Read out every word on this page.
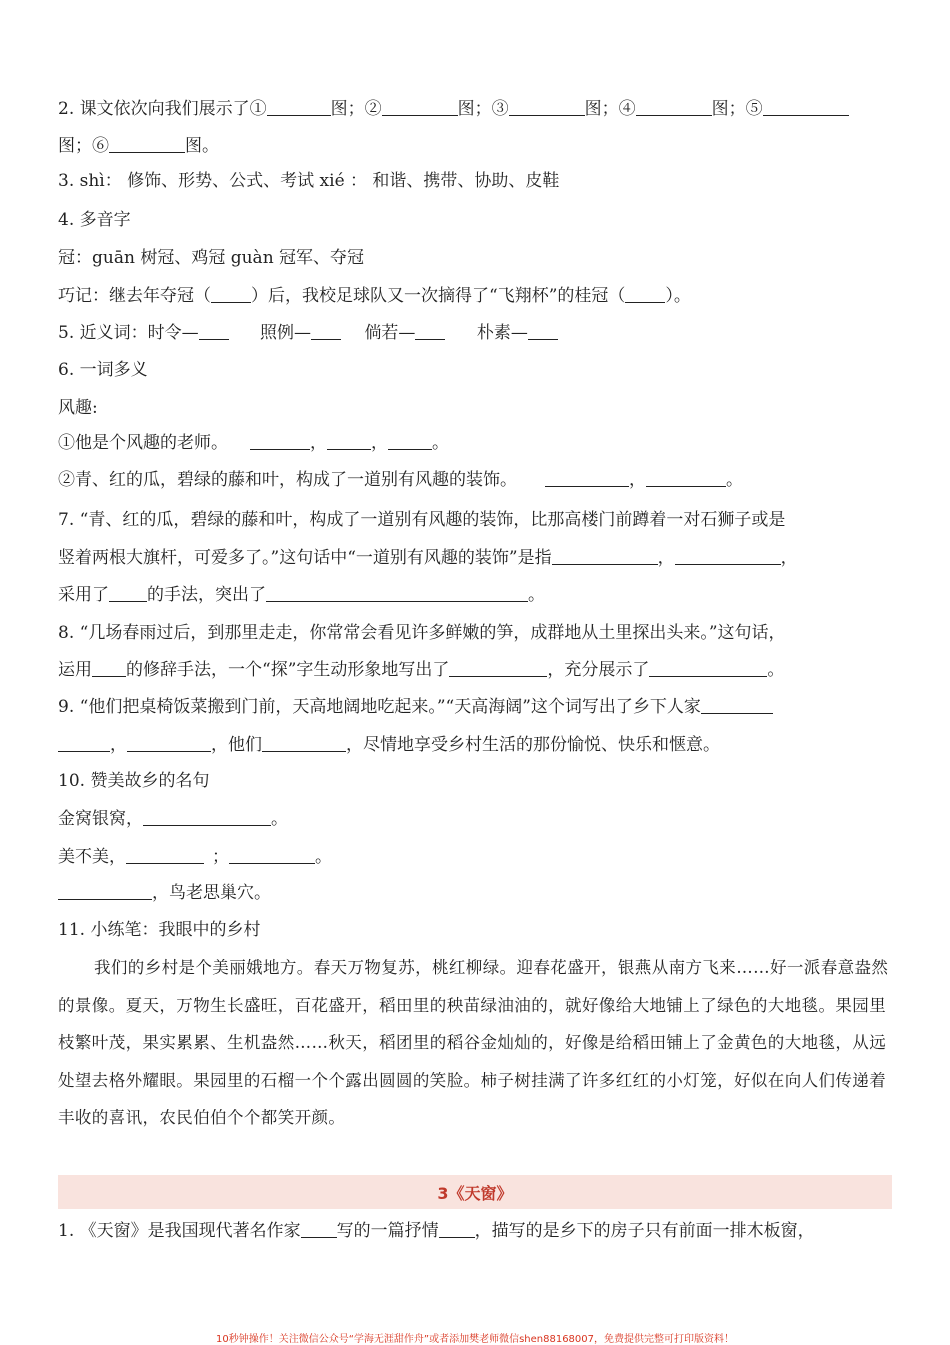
2. 课文依次向我们展示了①	图；②	图；③	图；④	图；⑤
图；⑥	图。
3. shì： 修饰、形势、公式、考试 xié ： 和谐、携带、协助、皮鞋
4. 多音字
冠：guān 树冠、鸡冠 guàn 冠军、夺冠
巧记：继去年夺冠（ ）后，我校足球队又一次摘得了“飞翔杯”的桂冠（ ）。
5. 近义词：时令—	照例—	倘若—	朴素—
6. 一词多义
风趣:
①他是个风趣的老师。	，	，	。
②青、红的瓜，碧绿的藤和叶，构成了一道别有风趣的装饰。	，	。
7. “青、红的瓜，碧绿的藤和叶，构成了一道别有风趣的装饰，比那高楼门前蹲着一对石狮子或是
竖着两根大旗杆，可爱多了。”这句话中“一道别有风趣的装饰”是指	，	，
采用了 的手法，突出了	。
8. “几场春雨过后，到那里走走，你常常会看见许多鲜嫩的笋，成群地从土里探出头来。”这句话，
运用 的修辞手法，一个“探”字生动形象地写出了	，充分展示了	。
9. “他们把桌椅饭菜搬到门前，天高地阔地吃起来。”“天高海阔”这个词写出了乡下人家
，	，他们	，尽情地享受乡村生活的那份愉悦、快乐和惬意。
10. 赞美故乡的名句
金窝银窝，	。
美不美，	；	。
，鸟老思巢穴。
11. 小练笔：我眼中的乡村
我们的乡村是个美丽娥地方。春天万物复苏，桃红柳绿。迎春花盛开，银燕从南方飞来……好一派春意盎然的景像。夏天，万物生长盛旺，百花盛开，稻田里的秧苗绿油油的，就好像给大地铺上了绿色的大地毯。果园里枝繁叶茂，果实累累、生机盎然……秋天，稻团里的稻谷金灿灿的，好像是给稻田铺上了金黄色的大地毯，从远处望去格外耀眼。果园里的石榴一个个露出圆圆的笑脸。柿子树挂满了许多红红的小灯笼，好似在向人们传递着丰收的喜讯，农民伯伯个个都笑开颜。
3《天窗》
1. 《天窗》是我国现代著名作家 写的一篇抒情 ，描写的是乡下的房子只有前面一排木板窗，
10秒钟操作！关注微信公众号“学海无涯甜作舟”或者添加樊老师微信shen88168007，免费提供完整可打印版资料！
